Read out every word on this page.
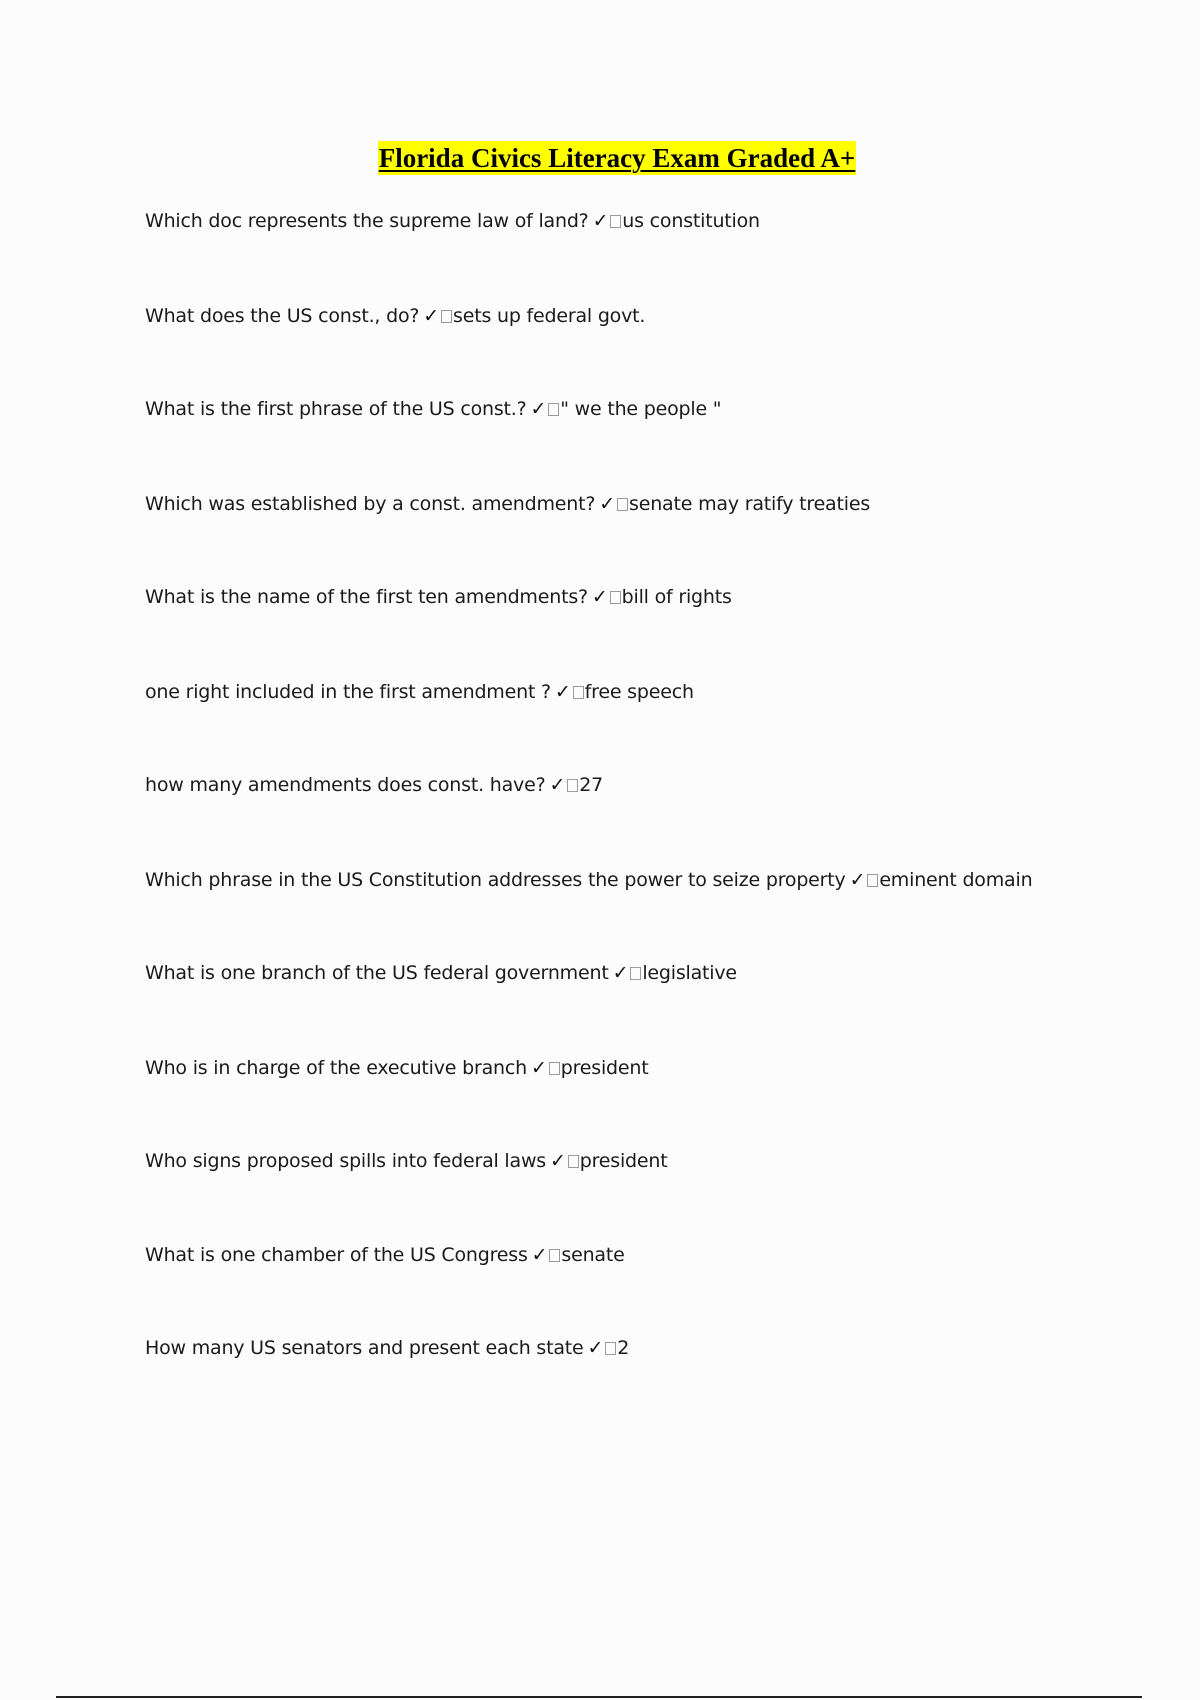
Florida Civics Literacy Exam Graded A+
Which doc represents the supreme law of land? ✓ us constitution
What does the US const., do? ✓ sets up federal govt.
What is the first phrase of the US const.? ✓ " we the people "
Which was established by a const. amendment? ✓ senate may ratify treaties
What is the name of the first ten amendments? ✓ bill of rights
one right included in the first amendment ? ✓ free speech
how many amendments does const. have? ✓ 27
Which phrase in the US Constitution addresses the power to seize property ✓ eminent domain
What is one branch of the US federal government ✓ legislative
Who is in charge of the executive branch ✓ president
Who signs proposed spills into federal laws ✓ president
What is one chamber of the US Congress ✓ senate
How many US senators and present each state ✓ 2
